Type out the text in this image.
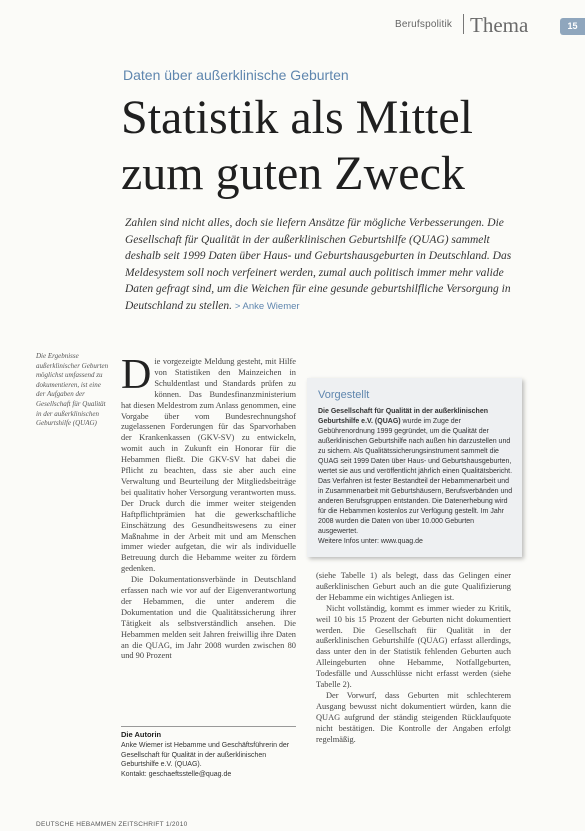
Berufspolitik Thema	15
Daten über außerklinische Geburten
Statistik als Mittel zum guten Zweck
Zahlen sind nicht alles, doch sie liefern Ansätze für mögliche Verbesserungen. Die Gesellschaft für Qualität in der außerklinischen Geburtshilfe (QUAG) sammelt deshalb seit 1999 Daten über Haus- und Geburtshausgeburten in Deutschland. Das Meldesystem soll noch verfeinert werden, zumal auch politisch immer mehr valide Daten gefragt sind, um die Weichen für eine gesunde geburtshilfliche Versorgung in Deutschland zu stellen. > Anke Wiemer
Die Ergebnisse außerklinischer Geburten möglichst umfassend zu dokumentieren, ist eine der Aufgaben der Gesellschaft für Qualität in der außerklinischen Geburtshilfe (QUAG)

Die vorgezeigte Meldung gesteht, mit Hilfe von Statistiken den Mainzeichen in Schuldentlast und Standards prüfen zu können. Das Bundesfinanzministerium hat diesen Meldestrom zum Anlass genommen, eine Vorgabe über vom Bundesrechnungshof zugelassenen Forderungen für das Sparvorhaben der Krankenkassen (GKV-SV) zu entwickeln, womit auch in Zukunft ein Honorar für die Hebammen fließt. Die GKV-SV hat dabei die Pflicht zu beachten, dass sie aber auch eine Verwaltung und Beurteilung der Mitgliedsbeiträge bei qualitativ hoher Versorgung verantworten muss. Der Druck durch die immer weiter steigenden Haftpflichtprämien hat die gewerkschaftliche Einschätzung des Gesundheitswesens zu einer Maßnahme in der Arbeit mit und am Menschen immer wieder aufgetan, die wir als individuelle Betreuung durch die Hebamme weiter zu fördern gedenken.

Die Dokumentationsverbände in Deutschland erfassen nach wie vor auf der Eigenverantwortung der Hebammen, die unter anderem die Dokumentation und die Qualitätssicherung ihrer Tätigkeit als selbstverständlich ansehen. Die Hebammen melden seit Jahren freiwillig ihre Daten an die QUAG, im Jahr 2008 wurden zwischen 80 und 90 Prozent

Vorgestellt
Die Gesellschaft für Qualität in der außerklinischen Geburtshilfe e.V. (QUAG) wurde im Zuge der Gebührenordnung 1999 gegründet, um die Qualität der außerklinischen Geburtshilfe nach außen hin darzustellen und zu sichern. Als Qualitätssicherungsinstrument sammelt die QUAG seit 1999 Daten über Haus- und Geburtshausgeburten, wertet sie aus und veröffentlicht jährlich einen Qualitätsbericht. Das Verfahren ist fester Bestandteil der Hebammenarbeit und in Zusammenarbeit mit Geburtshäusern, Berufsverbänden und anderen Berufsgruppen entstanden. Die Datenerhebung wird für die Hebammen kostenlos zur Verfügung gestellt. Im Jahr 2008 wurden die Daten von über 10.000 Geburten ausgewertet.
Weitere Infos unter: www.quag.de

(siehe Tabelle 1) als belegt, dass das Gelingen einer außerklinischen Geburt auch an die gute Qualifizierung der Hebamme ein wichtiges Anliegen ist.

Nicht vollständig, kommt es immer wieder zu Kritik, weil 10 bis 15 Prozent der Geburten nicht dokumentiert werden. Die Gesellschaft für Qualität in der außerklinischen Geburtshilfe (QUAG) erfasst allerdings, dass unter den in der Statistik fehlenden Geburten auch Alleingeburten ohne Hebamme, Notfallgeburten, Todesfälle und Ausschlüsse nicht erfasst werden (siehe Tabelle 2).

Der Vorwurf, dass Geburten mit schlechterem Ausgang bewusst nicht dokumentiert würden, kann die QUAG aufgrund der ständig steigenden Rücklaufquote nicht bestätigen. Die Kontrolle der Angaben erfolgt regelmäßig.

Die Autorin
Anke Wiemer ist Hebamme und Geschäftsführerin der Gesellschaft für Qualität in der außerklinischen Geburtshilfe e.V. (QUAG).
Kontakt: geschaeftsstelle@quag.de
DEUTSCHE HEBAMMEN ZEITSCHRIFT 1/2010
